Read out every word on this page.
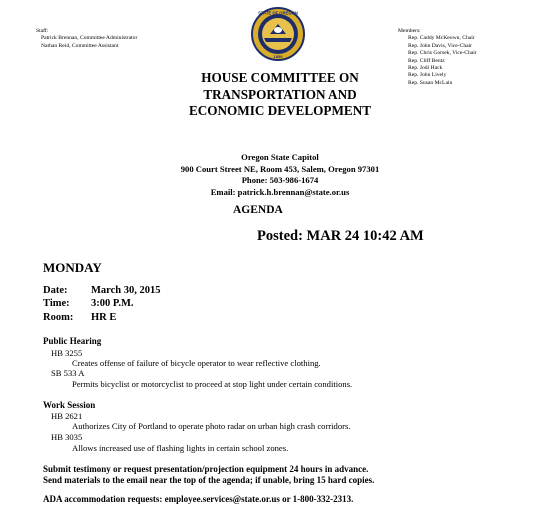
Staff:
Patrick Brennan, Committee Administrator
Nathan Reid, Committee Assistant
STATE OF OREGON
1859
Members:
Rep. Caddy McKeown, Chair
Rep. John Davis, Vice-Chair
Rep. Chris Gorsek, Vice-Chair
Rep. Cliff Bentz
Rep. Jodi Hack
Rep. John Lively
Rep. Susan McLain
HOUSE COMMITTEE ON
TRANSPORTATION AND
ECONOMIC DEVELOPMENT
Oregon State Capitol
900 Court Street NE, Room 453, Salem, Oregon 97301
Phone: 503-986-1674
Email: patrick.h.brennan@state.or.us
AGENDA
Posted: MAR 24 10:42 AM
MONDAY
Date:	March 30, 2015
Time:	3:00 P.M.
Room:	HR E
Public Hearing
HB 3255
Creates offense of failure of bicycle operator to wear reflective clothing.
SB 533 A
Permits bicyclist or motorcyclist to proceed at stop light under certain conditions.
Work Session
HB 2621
Authorizes City of Portland to operate photo radar on urban high crash corridors.
HB 3035
Allows increased use of flashing lights in certain school zones.
Submit testimony or request presentation/projection equipment 24 hours in advance.
Send materials to the email near the top of the agenda; if unable, bring 15 hard copies.
ADA accommodation requests: employee.services@state.or.us or 1-800-332-2313.
